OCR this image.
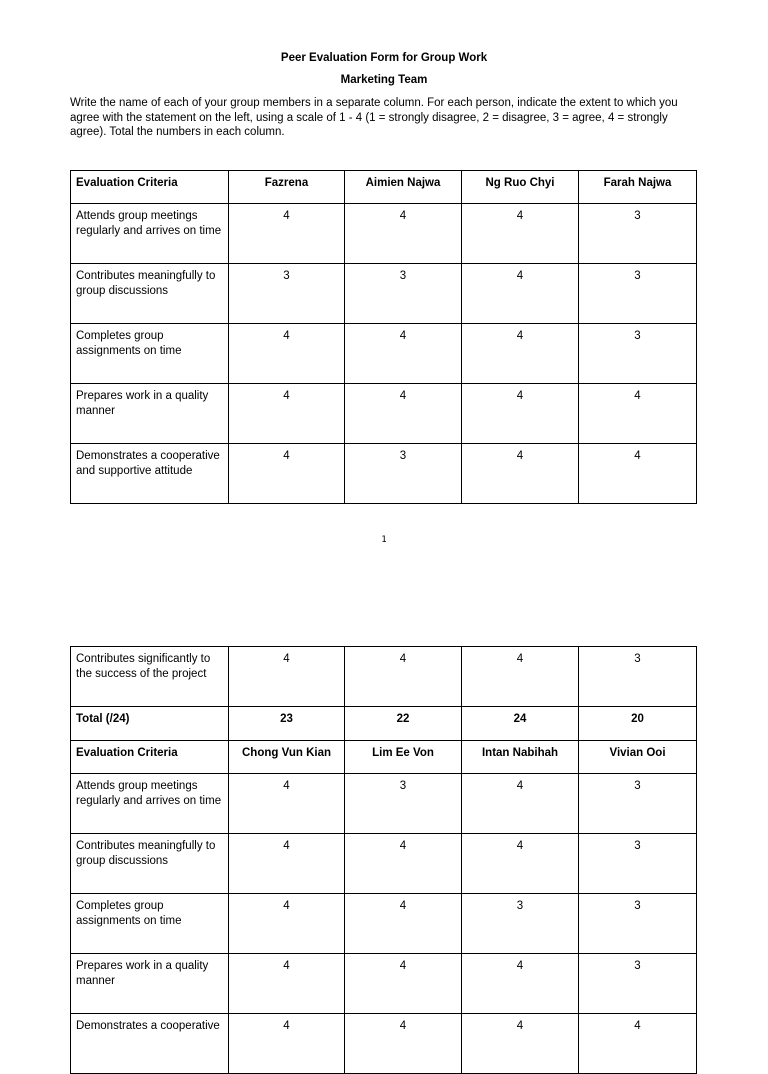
Peer Evaluation Form for Group Work
Marketing Team
Write the name of each of your group members in a separate column. For each person, indicate the extent to which you agree with the statement on the left, using a scale of 1 - 4 (1 = strongly disagree, 2 = disagree, 3 = agree, 4 = strongly agree). Total the numbers in each column.
Evaluation Criteria	Fazrena	Aimien Najwa	Ng Ruo Chyi	Farah Najwa
Attends group meetings regularly and arrives on time	4	4	4	3
Contributes meaningfully to group discussions	3	3	4	3
Completes group assignments on time	4	4	4	3
Prepares work in a quality manner	4	4	4	4
Demonstrates a cooperative and supportive attitude	4	3	4	4
1
Contributes significantly to the success of the project	4	4	4	3
Total (/24)	23	22	24	20
Evaluation Criteria	Chong Vun Kian	Lim Ee Von	Intan Nabihah	Vivian Ooi
Attends group meetings regularly and arrives on time	4	3	4	3
Contributes meaningfully to group discussions	4	4	4	3
Completes group assignments on time	4	4	3	3
Prepares work in a quality manner	4	4	4	3
Demonstrates a cooperative	4	4	4	4
